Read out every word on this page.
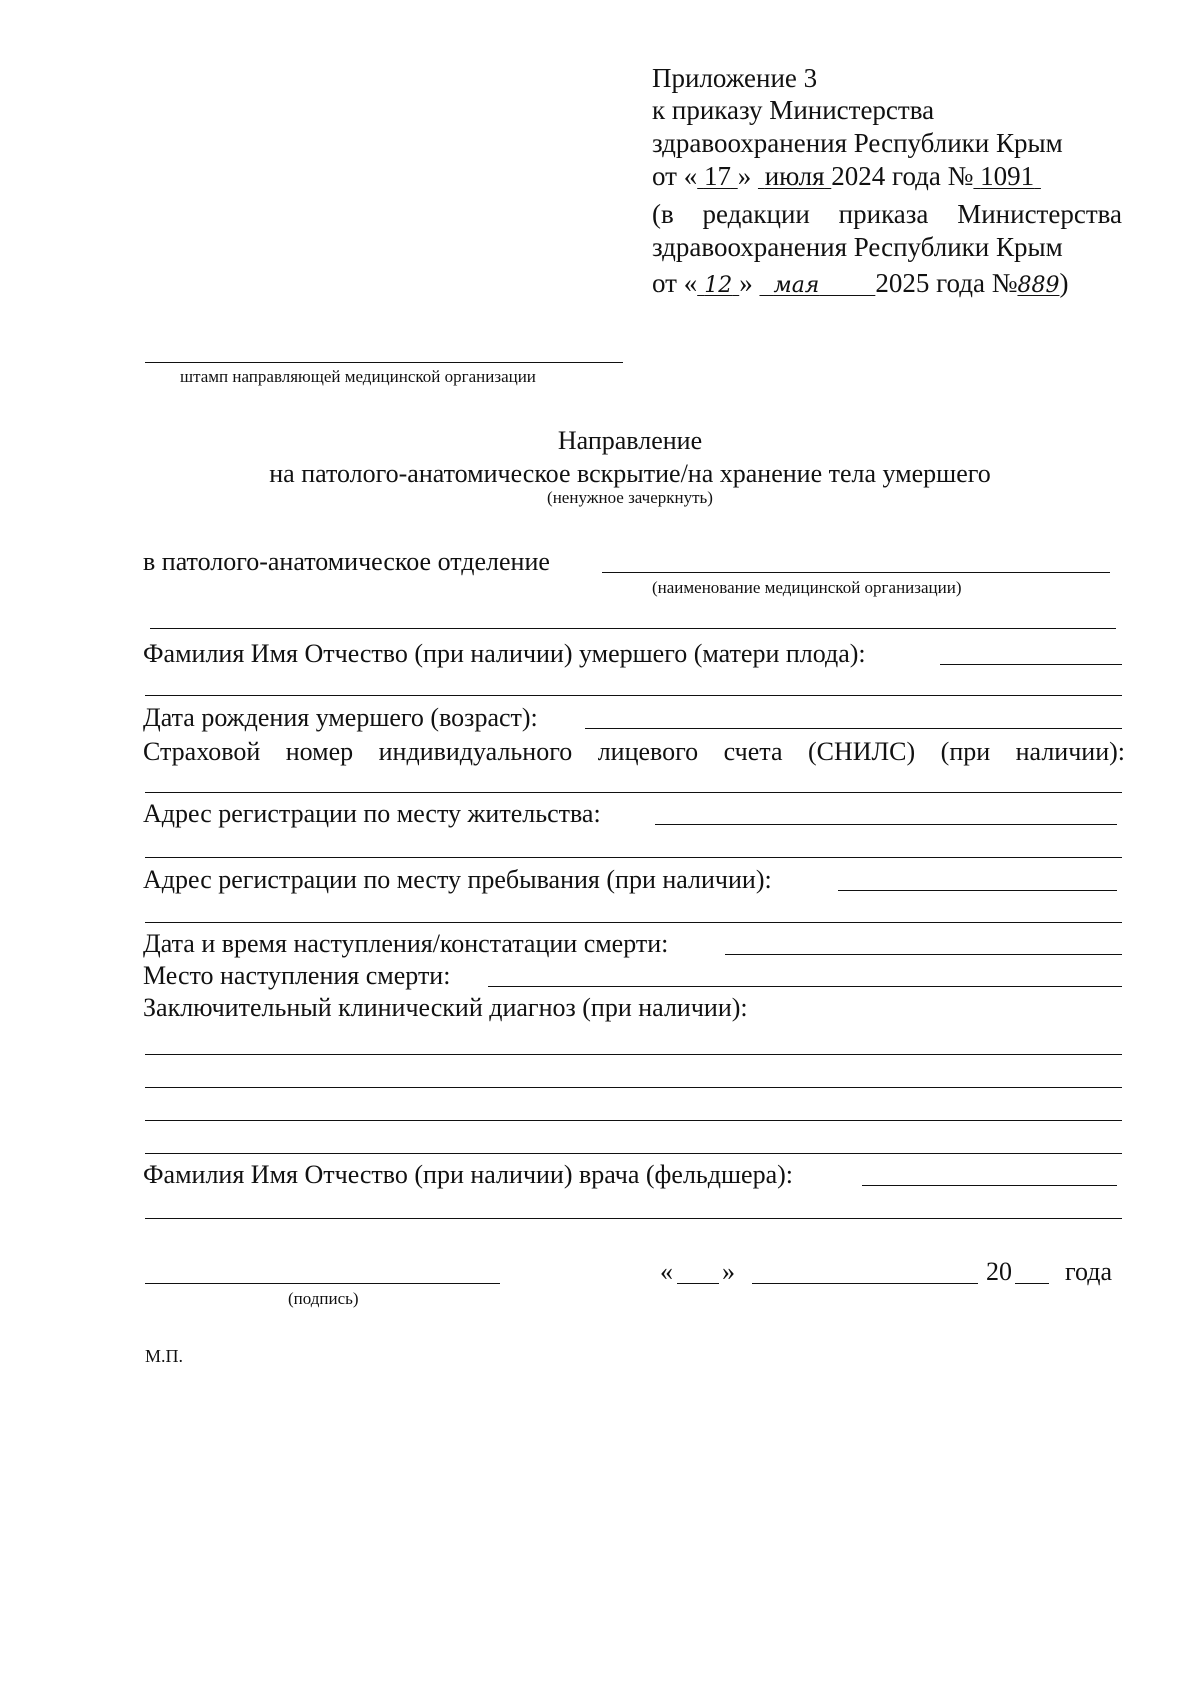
Приложение 3
к приказу Министерства
здравоохранения Республики Крым
от « 17 » июля 2024 года № 1091
(в редакции приказа Министерства
здравоохранения Республики Крым
от « 12 » мая 2025 года №889)
штамп направляющей медицинской организации
Направление
на патолого-анатомическое вскрытие/на хранение тела умершего
(ненужное зачеркнуть)
в патолого-анатомическое отделение
(наименование медицинской организации)
Фамилия Имя Отчество (при наличии) умершего (матери плода):
Дата рождения умершего (возраст):
Страховой номер индивидуального лицевого счета (СНИЛС) (при наличии):
Адрес регистрации по месту жительства:
Адрес регистрации по месту пребывания (при наличии):
Дата и время наступления/констатации смерти:
Место наступления смерти:
Заключительный клинический диагноз (при наличии):
Фамилия Имя Отчество (при наличии) врача (фельдшера):
(подпись)
« »	20 года
М.П.
